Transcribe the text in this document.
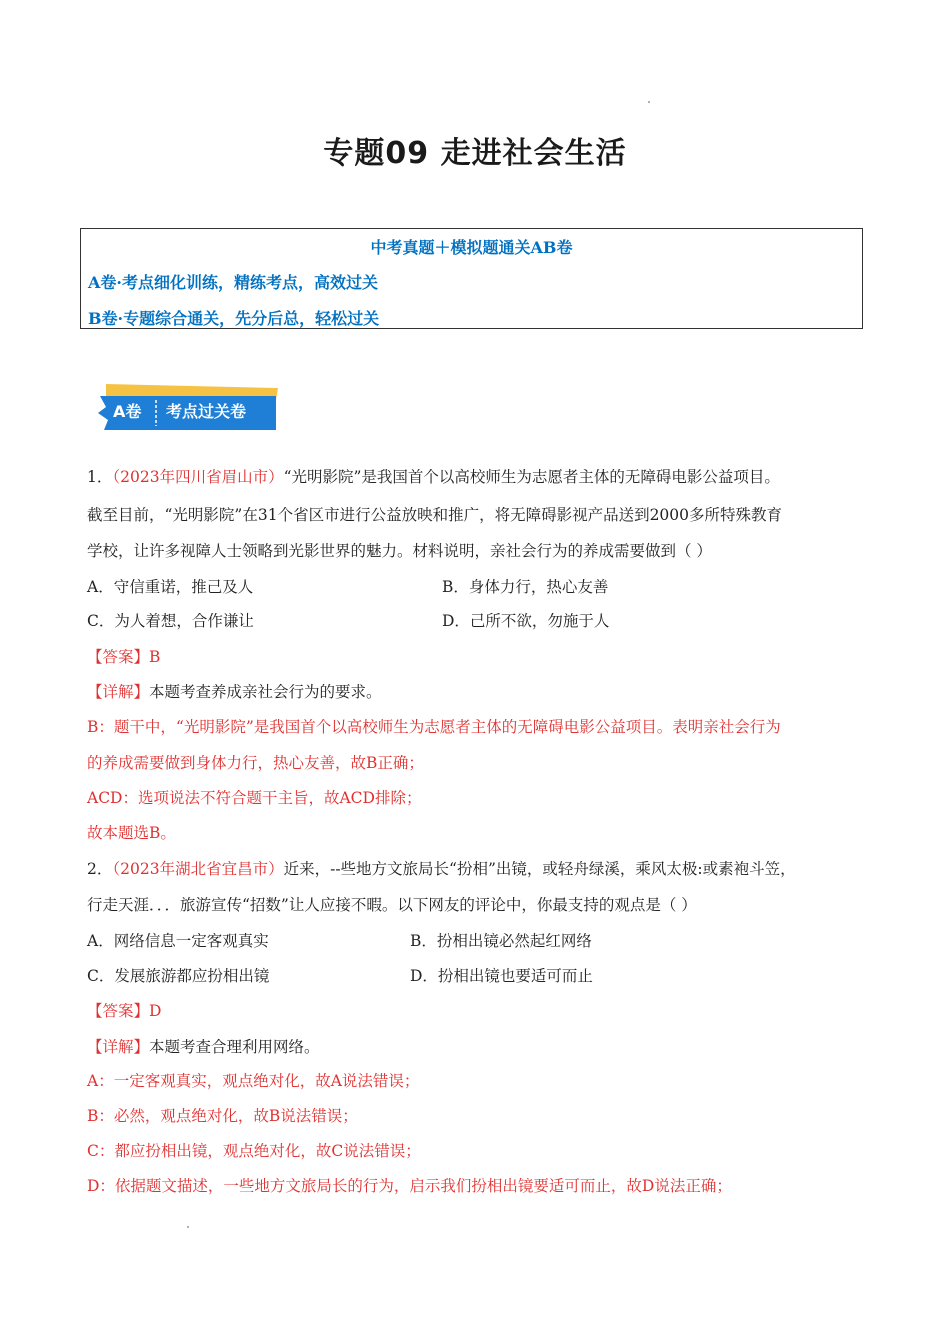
专题09 走进社会生活
中考真题＋模拟题通关AB卷
A卷·考点细化训练，精练考点，高效过关
B卷·专题综合通关，先分后总，轻松过关
A卷 考点过关卷
1．（2023年四川省眉山市）“光明影院”是我国首个以高校师生为志愿者主体的无障碍电影公益项目。
截至目前，“光明影院”在31个省区市进行公益放映和推广，将无障碍影视产品送到2000多所特殊教育
学校，让许多视障人士领略到光影世界的魅力。材料说明，亲社会行为的养成需要做到（ ）
A．守信重诺，推己及人	B．身体力行，热心友善
C．为人着想，合作谦让	D．己所不欲，勿施于人
【答案】B
【详解】本题考查养成亲社会行为的要求。
B：题干中，“光明影院”是我国首个以高校师生为志愿者主体的无障碍电影公益项目。表明亲社会行为
的养成需要做到身体力行，热心友善，故B正确；
ACD：选项说法不符合题干主旨，故ACD排除；
故本题选B。
2．（2023年湖北省宜昌市）近来，--些地方文旅局长“扮相”出镜，或轻舟绿溪，乘风太极:或素袍斗笠，
行走天涯．．．旅游宣传“招数”让人应接不暇。以下网友的评论中，你最支持的观点是（ ）
A．网络信息一定客观真实	B．扮相出镜必然起红网络
C．发展旅游都应扮相出镜	D．扮相出镜也要适可而止
【答案】D
【详解】本题考查合理利用网络。
A：一定客观真实，观点绝对化，故A说法错误；
B：必然，观点绝对化，故B说法错误；
C：都应扮相出镜，观点绝对化，故C说法错误；
D：依据题文描述，一些地方文旅局长的行为，启示我们扮相出镜要适可而止，故D说法正确；
